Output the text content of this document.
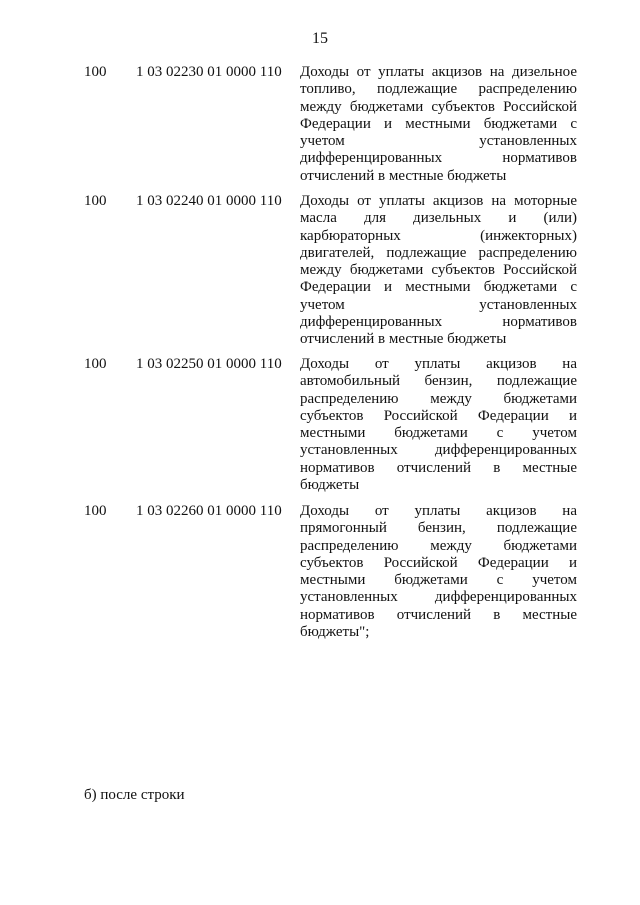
15
100 1 03 02230 01 0000 110 Доходы от уплаты акцизов на дизельное
топливо, подлежащие распределению
между бюджетами субъектов Российской
Федерации и местными бюджетами с
учетом установленных
дифференцированных нормативов
отчислений в местные бюджеты
100 1 03 02240 01 0000 110 Доходы от уплаты акцизов на моторные
масла для дизельных и (или)
карбюраторных (инжекторных)
двигателей, подлежащие распределению
между бюджетами субъектов Российской
Федерации и местными бюджетами с
учетом установленных
дифференцированных нормативов
отчислений в местные бюджеты
100 1 03 02250 01 0000 110 Доходы от уплаты акцизов на
автомобильный бензин, подлежащие
распределению между бюджетами
субъектов Российской Федерации и
местными бюджетами с учетом
установленных дифференцированных
нормативов отчислений в местные
бюджеты
100 1 03 02260 01 0000 110 Доходы от уплаты акцизов на
прямогонный бензин, подлежащие
распределению между бюджетами
субъектов Российской Федерации и
местными бюджетами с учетом
установленных дифференцированных
нормативов отчислений в местные
бюджеты";
б) после строки
